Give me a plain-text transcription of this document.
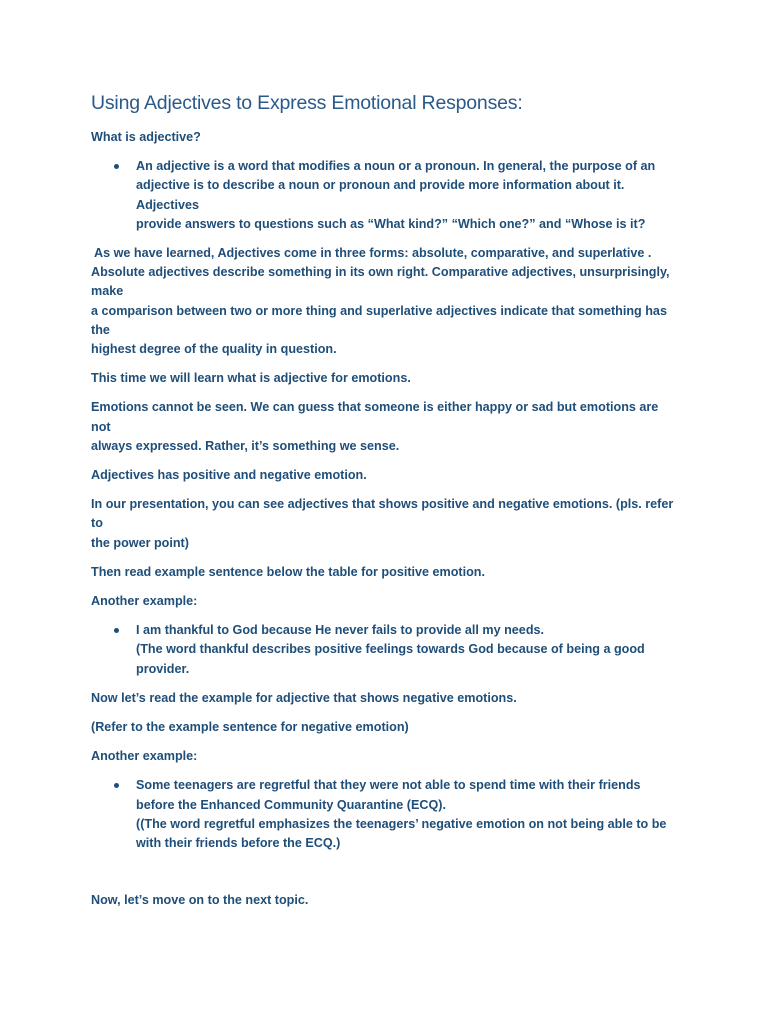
Using Adjectives to Express Emotional Responses:

What is adjective?

An adjective is a word that modifies a noun or a pronoun. In general, the purpose of an
adjective is to describe a noun or pronoun and provide more information about it. Adjectives
provide answers to questions such as “What kind?” “Which one?” and “Whose is it?

As we have learned, Adjectives come in three forms: absolute, comparative, and superlative .
Absolute adjectives describe something in its own right. Comparative adjectives, unsurprisingly, make
a comparison between two or more thing and superlative adjectives indicate that something has the
highest degree of the quality in question.

This time we will learn what is adjective for emotions.

Emotions cannot be seen. We can guess that someone is either happy or sad but emotions are not
always expressed. Rather, it’s something we sense.

Adjectives has positive and negative emotion.

In our presentation, you can see adjectives that shows positive and negative emotions. (pls. refer to
the power point)

Then read example sentence below the table for positive emotion.

Another example:

I am thankful to God because He never fails to provide all my needs.
(The word thankful describes positive feelings towards God because of being a good provider.

Now let’s read the example for adjective that shows negative emotions.

(Refer to the example sentence for negative emotion)

Another example:

Some teenagers are regretful that they were not able to spend time with their friends
before the Enhanced Community Quarantine (ECQ).
((The word regretful emphasizes the teenagers’ negative emotion on not being able to be
with their friends before the ECQ.)

Now, let’s move on to the next topic.
